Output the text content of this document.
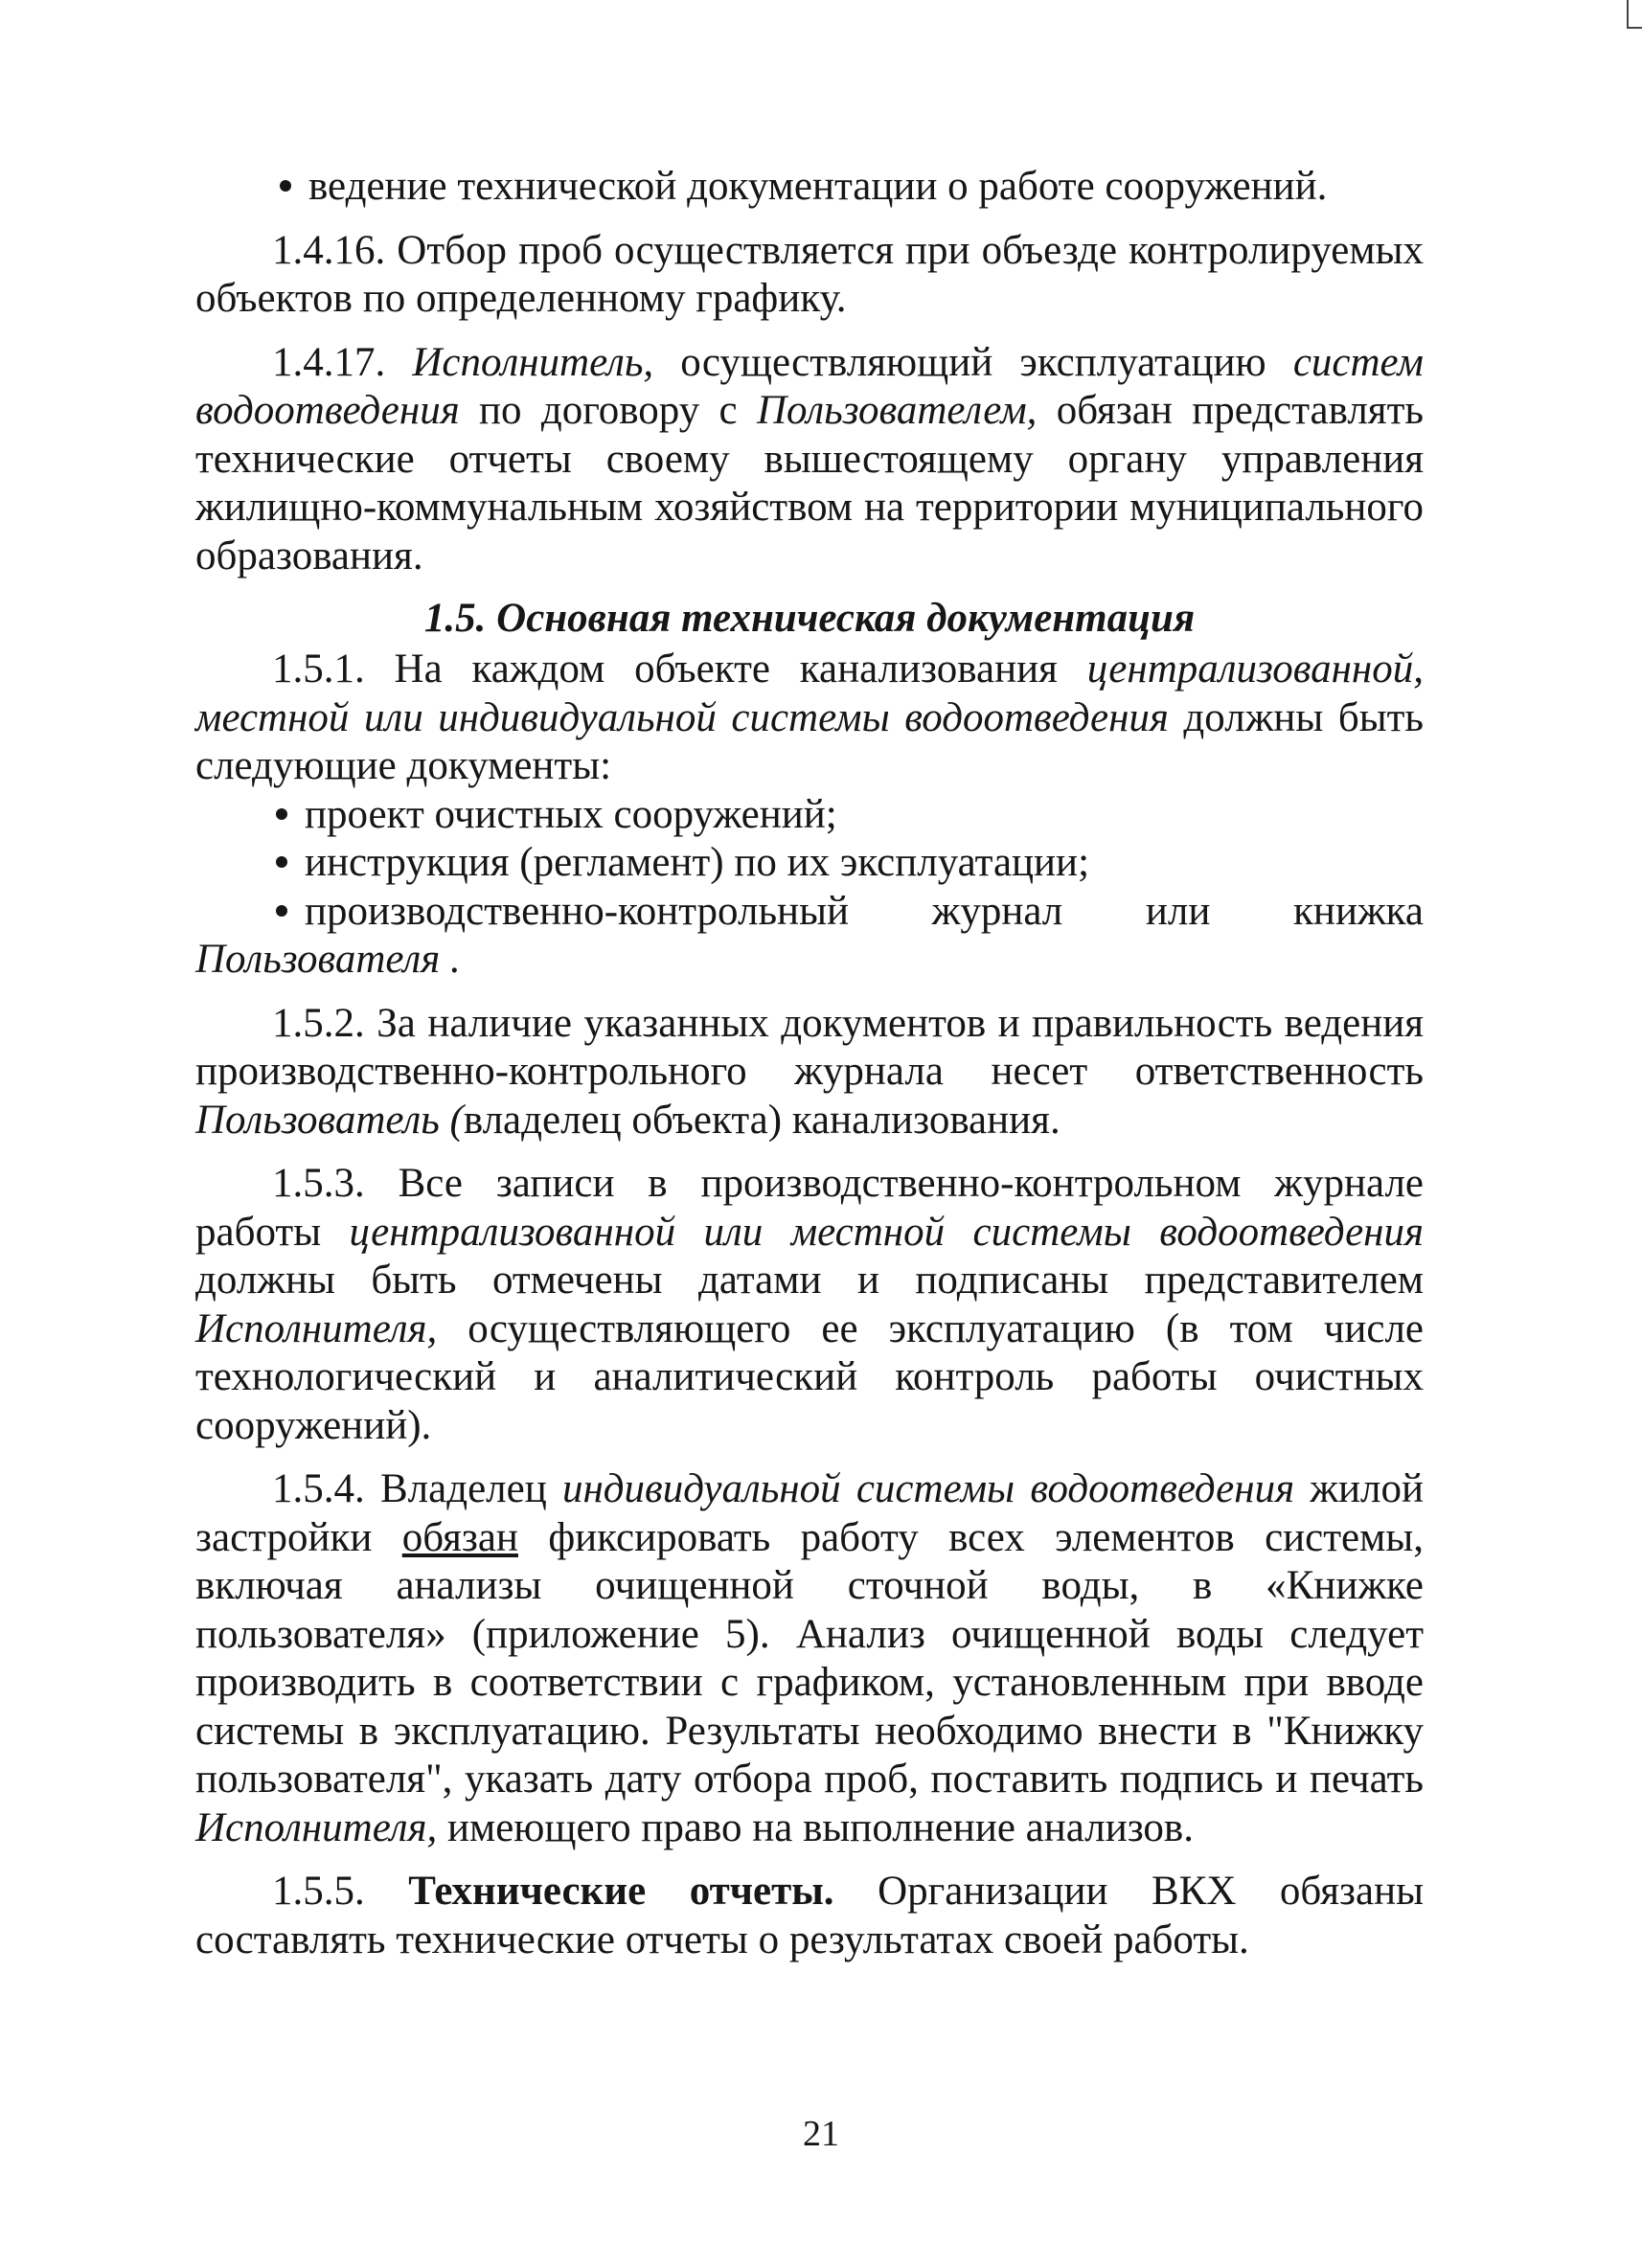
ведение технической документации о работе сооружений.

1.4.16. Отбор проб осуществляется при объезде контролируемых объектов по определенному графику.

1.4.17. Исполнитель, осуществляющий эксплуатацию систем водоотведения по договору с Пользователем, обязан представлять технические отчеты своему вышестоящему органу управления жилищно-коммунальным хозяйством на территории муниципального образования.

1.5. Основная техническая документация

1.5.1. На каждом объекте канализования централизованной, местной или индивидуальной системы водоотведения должны быть следующие документы:

проект очистных сооружений;

инструкция (регламент) по их эксплуатации;

производственно-контрольный журнал или книжка Пользователя .

1.5.2. За наличие указанных документов и правильность ведения производственно-контрольного журнала несет ответственность Пользователь (владелец объекта) канализования.

1.5.3. Все записи в производственно-контрольном журнале работы централизованной или местной системы водоотведения должны быть отмечены датами и подписаны представителем Исполнителя, осуществляющего ее эксплуатацию (в том числе технологический и аналитический контроль работы очистных сооружений).

1.5.4. Владелец индивидуальной системы водоотведения жилой застройки обязан фиксировать работу всех элементов системы, включая анализы очищенной сточной воды, в «Книжке пользователя» (приложение 5). Анализ очищенной воды следует производить в соответствии с графиком, установленным при вводе системы в эксплуатацию. Результаты необходимо внести в "Книжку пользователя", указать дату отбора проб, поставить подпись и печать Исполнителя, имеющего право на выполнение анализов.

1.5.5. Технические отчеты. Организации ВКХ обязаны составлять технические отчеты о результатах своей работы.

21
